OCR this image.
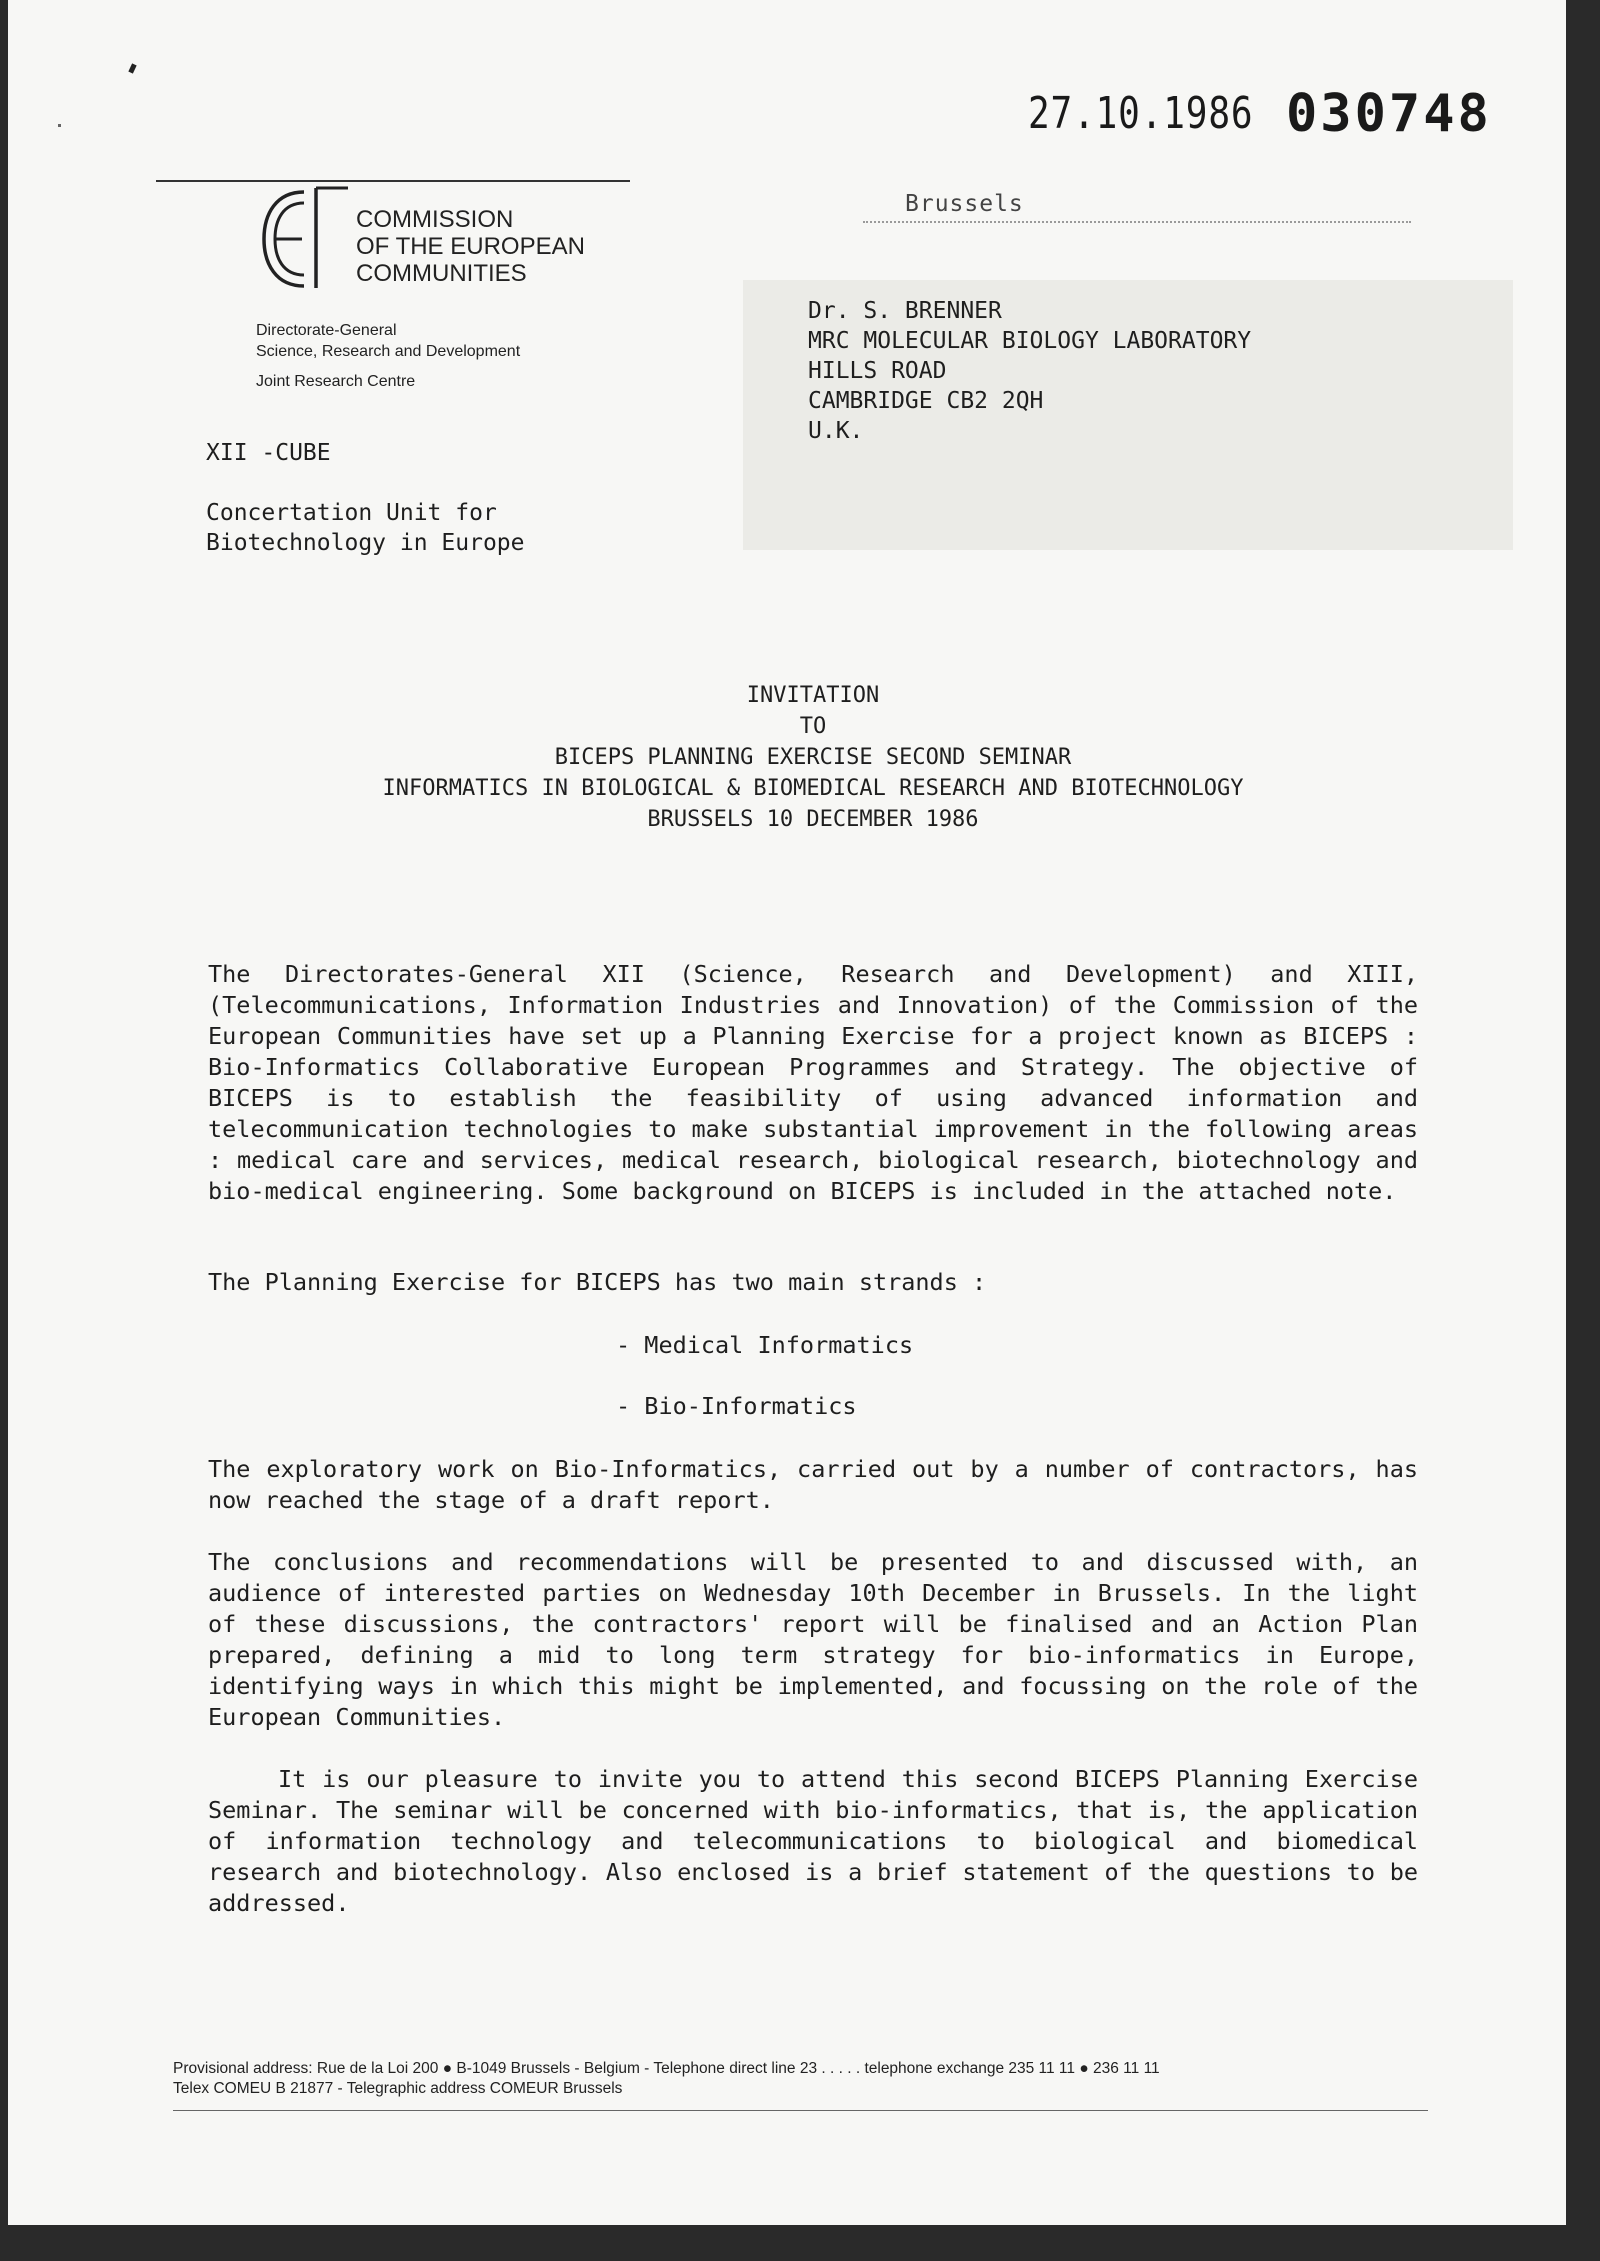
27.10.1986 030748
COMMISSION
OF THE EUROPEAN
COMMUNITIES
Directorate-General
Science, Research and Development
Joint Research Centre
Brussels
Dr. S. BRENNER
MRC MOLECULAR BIOLOGY LABORATORY
HILLS ROAD
CAMBRIDGE CB2 2QH
U.K.
XII -CUBE
Concertation Unit for
Biotechnology in Europe
INVITATION
TO
BICEPS PLANNING EXERCISE SECOND SEMINAR
INFORMATICS IN BIOLOGICAL & BIOMEDICAL RESEARCH AND BIOTECHNOLOGY
BRUSSELS 10 DECEMBER 1986

The Directorates-General XII (Science, Research and Development) and XIII, (Telecommunications, Information Industries and Innovation) of the Commission of the European Communities have set up a Planning Exercise for a project known as BICEPS : Bio-Informatics Collaborative European Programmes and Strategy. The objective of BICEPS is to establish the feasibility of using advanced information and telecommunication technologies to make substantial improvement in the following areas : medical care and services, medical research, biological research, biotechnology and bio-medical engineering. Some background on BICEPS is included in the attached note.

The Planning Exercise for BICEPS has two main strands :

- Medical Informatics
- Bio-Informatics

The exploratory work on Bio-Informatics, carried out by a number of contractors, has now reached the stage of a draft report.

The conclusions and recommendations will be presented to and discussed with, an audience of interested parties on Wednesday 10th December in Brussels. In the light of these discussions, the contractors' report will be finalised and an Action Plan prepared, defining a mid to long term strategy for bio-informatics in Europe, identifying ways in which this might be implemented, and focussing on the role of the European Communities.

It is our pleasure to invite you to attend this second BICEPS Planning Exercise Seminar. The seminar will be concerned with bio-informatics, that is, the application of information technology and telecommunications to biological and biomedical research and biotechnology. Also enclosed is a brief statement of the questions to be addressed.

Provisional address: Rue de la Loi 200 ● B-1049 Brussels - Belgium - Telephone direct line 23 . . . . . telephone exchange 235 11 11 ● 236 11 11
Telex COMEU B 21877 - Telegraphic address COMEUR Brussels
